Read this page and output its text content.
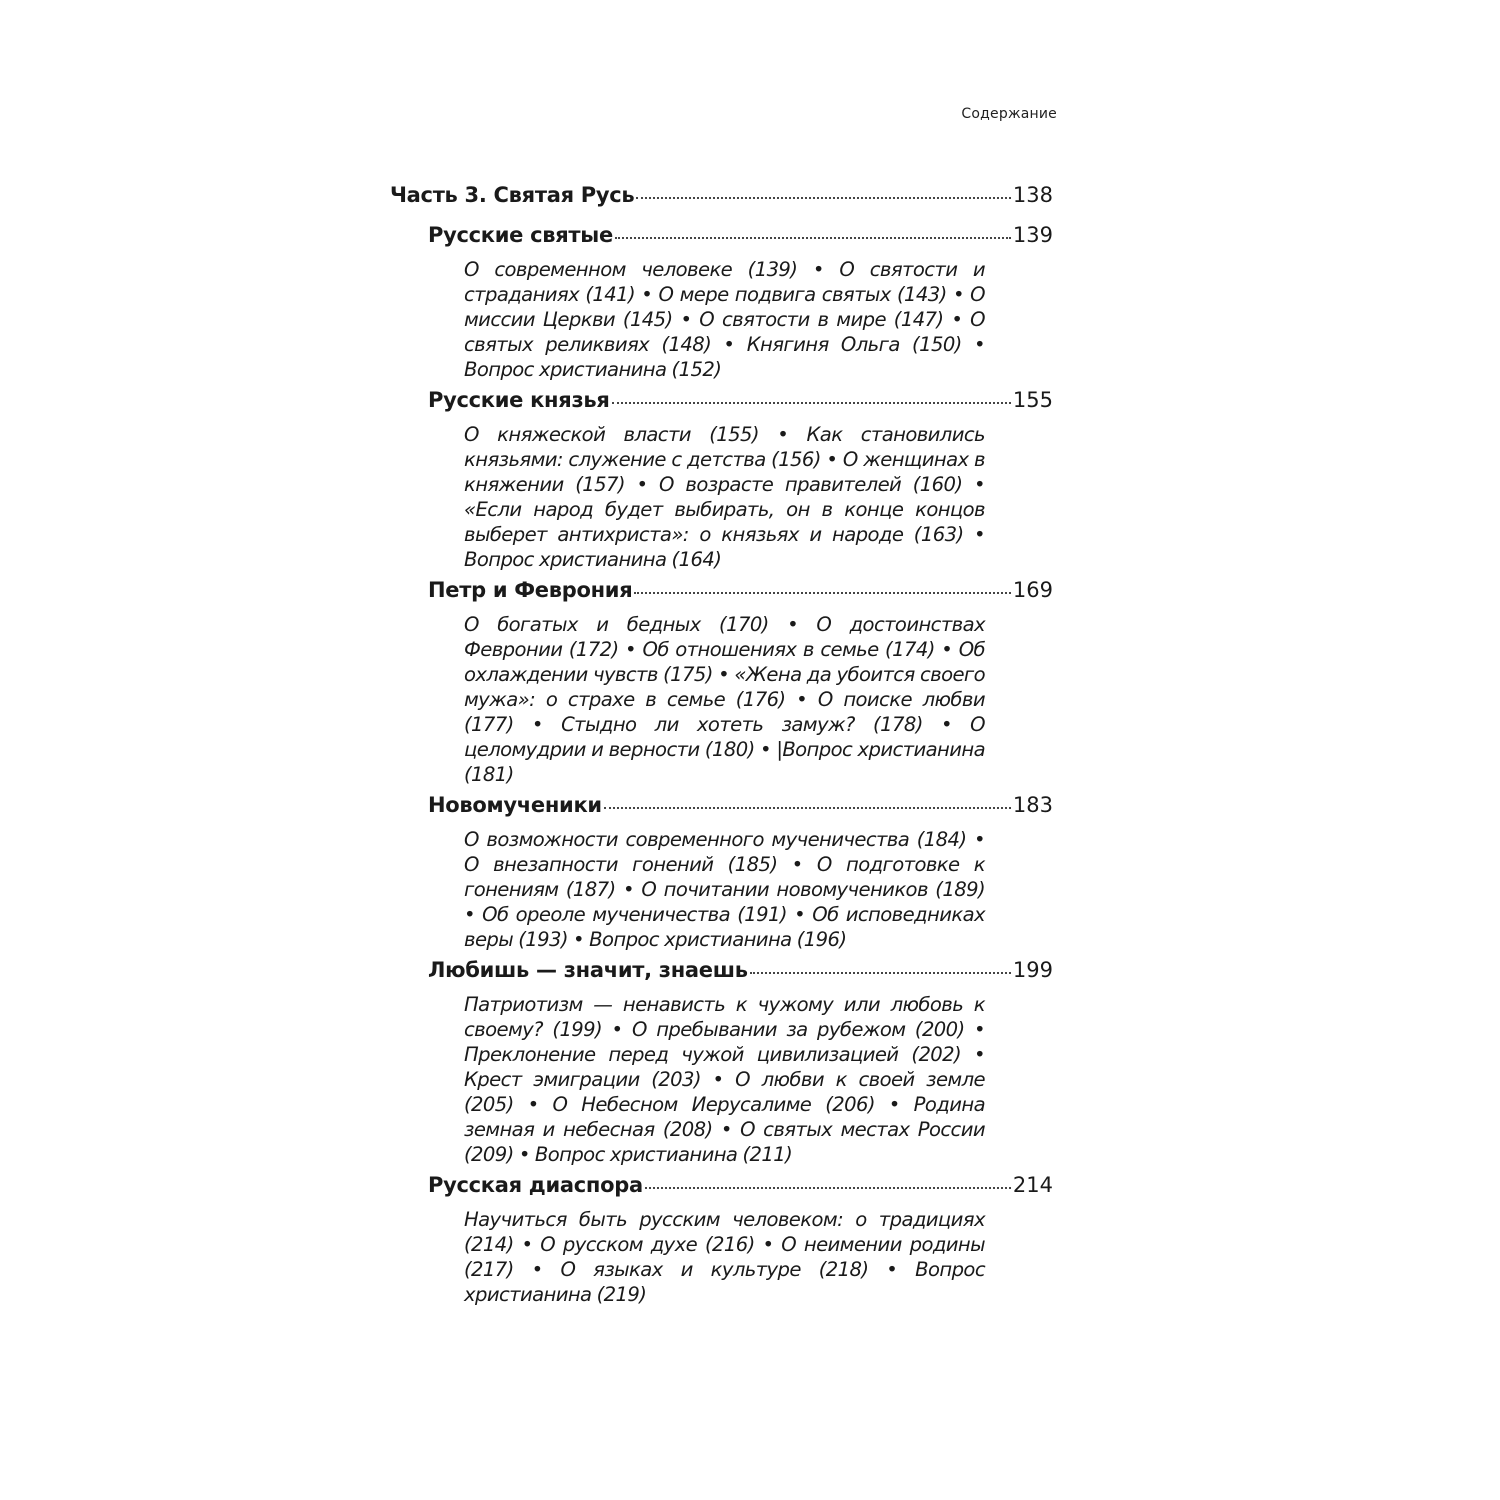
Содержание
Часть 3. Святая Русь	138
Русские святые	139
О современном человеке (139) • О святости и страданиях (141) • О мере подвига святых (143) • О миссии Церкви (145) • О святости в мире (147) • О святых реликвиях (148) • Княгиня Ольга (150) • Вопрос христианина (152)
Русские князья	155
О княжеской власти (155) • Как становились князьями: служение с детства (156) • О женщинах в княжении (157) • О возрасте правителей (160) • «Если народ будет выбирать, он в конце концов выберет антихриста»: о князьях и народе (163) • Вопрос христианина (164)
Петр и Феврония	169
О богатых и бедных (170) • О достоинствах Февронии (172) • Об отношениях в семье (174) • Об охлаждении чувств (175) • «Жена да убоится своего мужа»: о страхе в семье (176) • О поиске любви (177) • Стыдно ли хотеть замуж? (178) • О целомудрии и верности (180) • |Вопрос христианина (181)
Новомученики	183
О возможности современного мученичества (184) • О внезапности гонений (185) • О подготовке к гонениям (187) • О почитании новомучеников (189) • Об ореоле мученичества (191) • Об исповедниках веры (193) • Вопрос христианина (196)
Любишь — значит, знаешь	199
Патриотизм — ненависть к чужому или любовь к своему? (199) • О пребывании за рубежом (200) • Преклонение перед чужой цивилизацией (202) • Крест эмиграции (203) • О любви к своей земле (205) • О Небесном Иерусалиме (206) • Родина земная и небесная (208) • О святых местах России (209) • Вопрос христианина (211)
Русская диаспора	214
Научиться быть русским человеком: о традициях (214) • О русском духе (216) • О неимении родины (217) • О языках и культуре (218) • Вопрос христианина (219)
